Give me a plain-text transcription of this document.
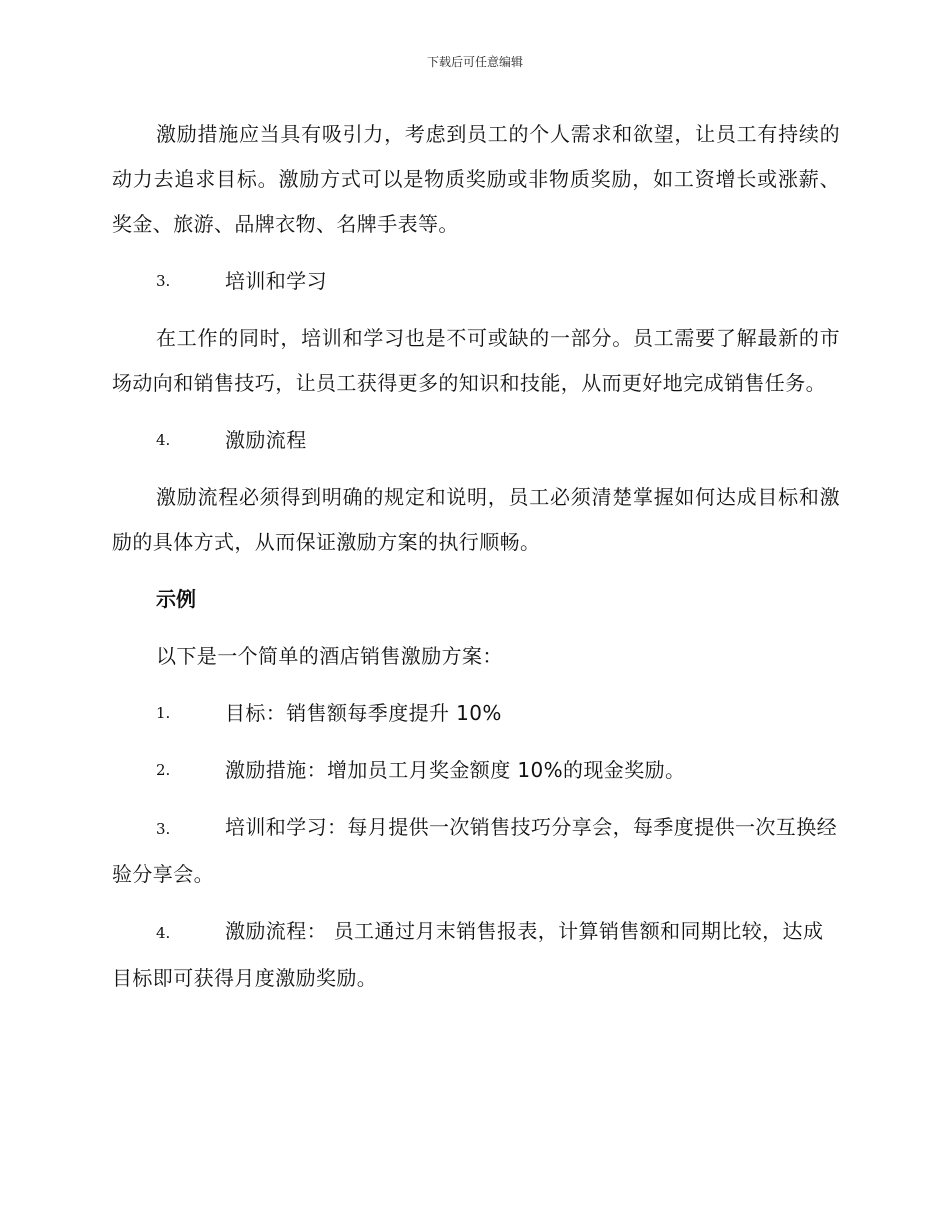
下载后可任意编辑

激励措施应当具有吸引力，考虑到员工的个人需求和欲望，让员工有持续的动力去追求目标。激励方式可以是物质奖励或非物质奖励，如工资增长或涨薪、奖金、旅游、品牌衣物、名牌手表等。

3.	培训和学习

在工作的同时，培训和学习也是不可或缺的一部分。员工需要了解最新的市场动向和销售技巧，让员工获得更多的知识和技能，从而更好地完成销售任务。

4.	激励流程

激励流程必须得到明确的规定和说明，员工必须清楚掌握如何达成目标和激励的具体方式，从而保证激励方案的执行顺畅。

示例

以下是一个简单的酒店销售激励方案：

1.	目标：销售额每季度提升 10%
2.	激励措施：增加员工月奖金额度 10%的现金奖励。
3.	培训和学习：每月提供一次销售技巧分享会，每季度提供一次互换经验分享会。
4.	激励流程： 员工通过月末销售报表，计算销售额和同期比较，达成目标即可获得月度激励奖励。
